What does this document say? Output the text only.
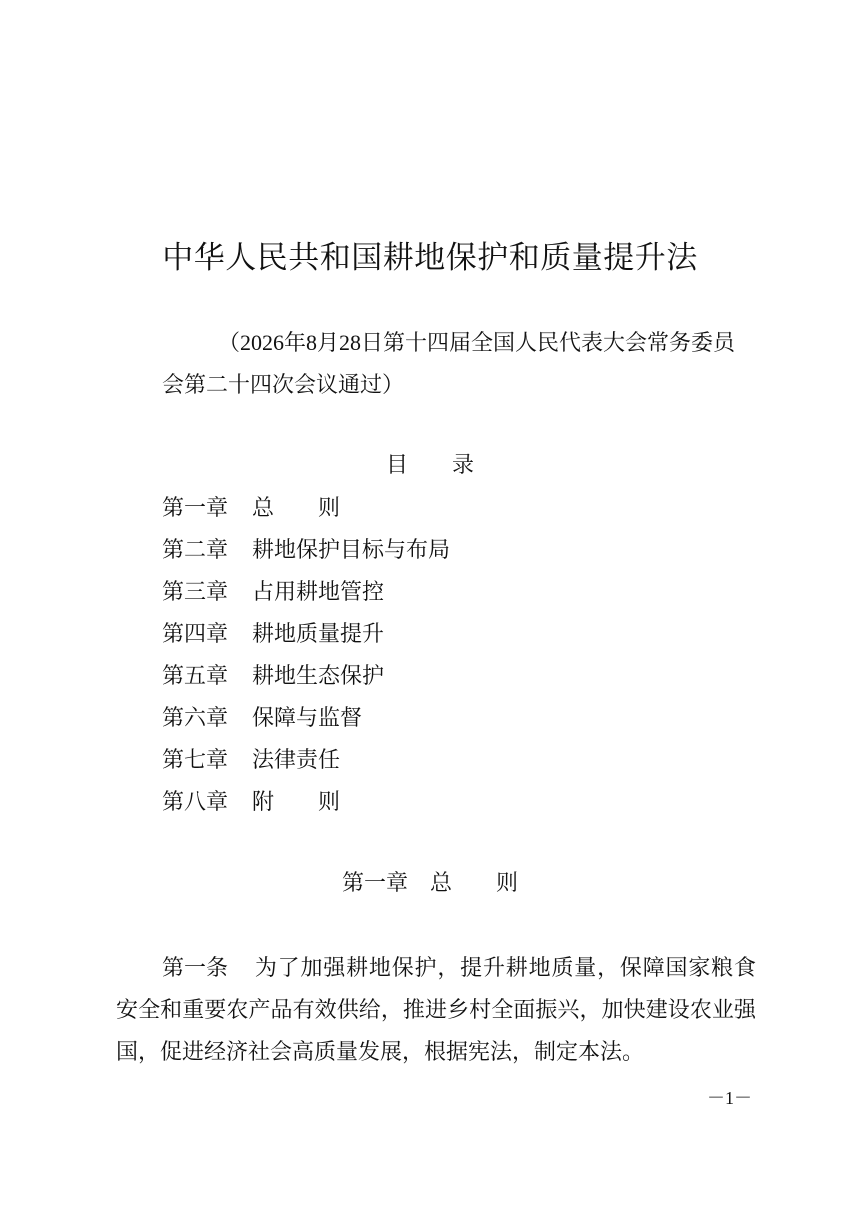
中华人民共和国耕地保护和质量提升法
（2026年8月28日第十四届全国人民代表大会常务委员会第二十四次会议通过）
目 录
第一章 总　　则
第二章 耕地保护目标与布局
第三章 占用耕地管控
第四章 耕地质量提升
第五章 耕地生态保护
第六章 保障与监督
第七章 法律责任
第八章 附　　则
第一章　 总　　则
第一条 为了加强耕地保护，提升耕地质量，保障国家粮食安全和重要农产品有效供给，推进乡村全面振兴，加快建设农业强国，促进经济社会高质量发展，根据宪法，制定本法。
－1－
